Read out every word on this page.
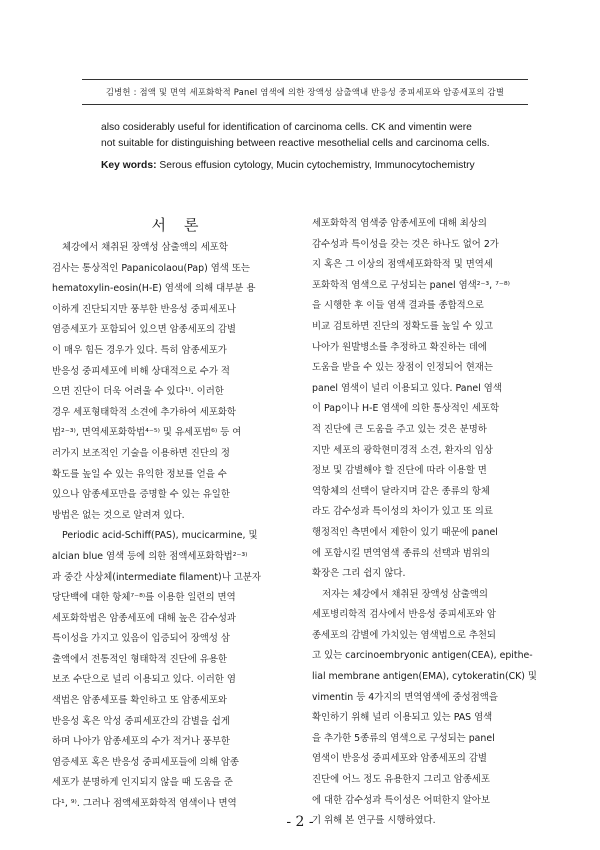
김병헌 : 점액 및 면역 세포화학적 Panel 염색에 의한 장액성 삼출액내 반응성 중피세포와 암종세포의 감별
also cosiderably useful for identification of carcinoma cells. CK and vimentin were
not suitable for distinguishing between reactive mesothelial cells and carcinoma cells.
Key words: Serous effusion cytology, Mucin cytochemistry, Immunocytochemistry
서론
체강에서 채취된 장액성 삼출액의 세포학
검사는 통상적인 Papanicolaou(Pap) 염색 또는
hematoxylin-eosin(H-E) 염색에 의해 대부분 용
이하게 진단되지만 풍부한 반응성 중피세포나
염증세포가 포함되어 있으면 암종세포의 감별
이 매우 힘든 경우가 있다. 특히 암종세포가
반응성 중피세포에 비해 상대적으로 수가 적
으면 진단이 더욱 어려울 수 있다¹⁾. 이러한
경우 세포형태학적 소견에 추가하여 세포화학
법²⁻³⁾, 면역세포화학법⁴⁻⁵⁾ 및 유세포법⁶⁾ 등 여
러가지 보조적인 기술을 이용하면 진단의 정
확도를 높일 수 있는 유익한 정보를 얻을 수
있으나 암종세포만을 증명할 수 있는 유일한
방법은 없는 것으로 알려져 있다.
Periodic acid-Schiff(PAS), mucicarmine, 및
alcian blue 염색 등에 의한 점액세포화학법²⁻³⁾
과 중간 사상체(intermediate filament)나 고분자
당단백에 대한 항체⁷⁻⁸⁾를 이용한 일련의 면역
세포화학법은 암종세포에 대해 높은 감수성과
특이성을 가지고 있음이 입증되어 장액성 삼
출액에서 전통적인 형태학적 진단에 유용한
보조 수단으로 널리 이용되고 있다. 이러한 염
색법은 암종세포를 확인하고 또 암종세포와
반응성 혹은 악성 중피세포간의 감별을 쉽게
하며 나아가 암종세포의 수가 적거나 풍부한
염증세포 혹은 반응성 중피세포들에 의해 암종
세포가 분명하게 인지되지 않을 때 도움을 준
다¹, ⁹⁾. 그러나 점액세포화학적 염색이나 면역
세포화학적 염색중 암종세포에 대해 최상의
감수성과 특이성을 갖는 것은 하나도 없어 2가
지 혹은 그 이상의 점액세포화학적 및 면역세
포화학적 염색으로 구성되는 panel 염색²⁻³, ⁷⁻⁸⁾
을 시행한 후 이들 염색 결과를 종합적으로
비교 검토하면 진단의 정확도를 높일 수 있고
나아가 원발병소를 추정하고 확진하는 데에
도움을 받을 수 있는 장점이 인정되어 현재는
panel 염색이 널리 이용되고 있다. Panel 염색
이 Pap이나 H-E 염색에 의한 통상적인 세포학
적 진단에 큰 도움을 주고 있는 것은 분명하
지만 세포의 광학현미경적 소견, 환자의 임상
정보 및 감별해야 할 진단에 따라 이용할 면
역항체의 선택이 달라지며 같은 종류의 항체
라도 감수성과 특이성의 차이가 있고 또 의료
행정적인 측면에서 제한이 있기 때문에 panel
에 포함시킬 면역염색 종류의 선택과 범위의
확장은 그리 쉽지 않다.
저자는 체강에서 채취된 장액성 삼출액의
세포병리학적 검사에서 반응성 중피세포와 암
종세포의 감별에 가치있는 염색법으로 추천되
고 있는 carcinoembryonic antigen(CEA), epithe-
lial membrane antigen(EMA), cytokeratin(CK) 및
vimentin 등 4가지의 면역염색에 중성점액을
확인하기 위해 널리 이용되고 있는 PAS 염색
을 추가한 5종류의 염색으로 구성되는 panel
염색이 반응성 중피세포와 암종세포의 감별
진단에 어느 정도 유용한지 그리고 암종세포
에 대한 감수성과 특이성은 어떠한지 알아보
기 위해 본 연구를 시행하였다.
- 2 -
